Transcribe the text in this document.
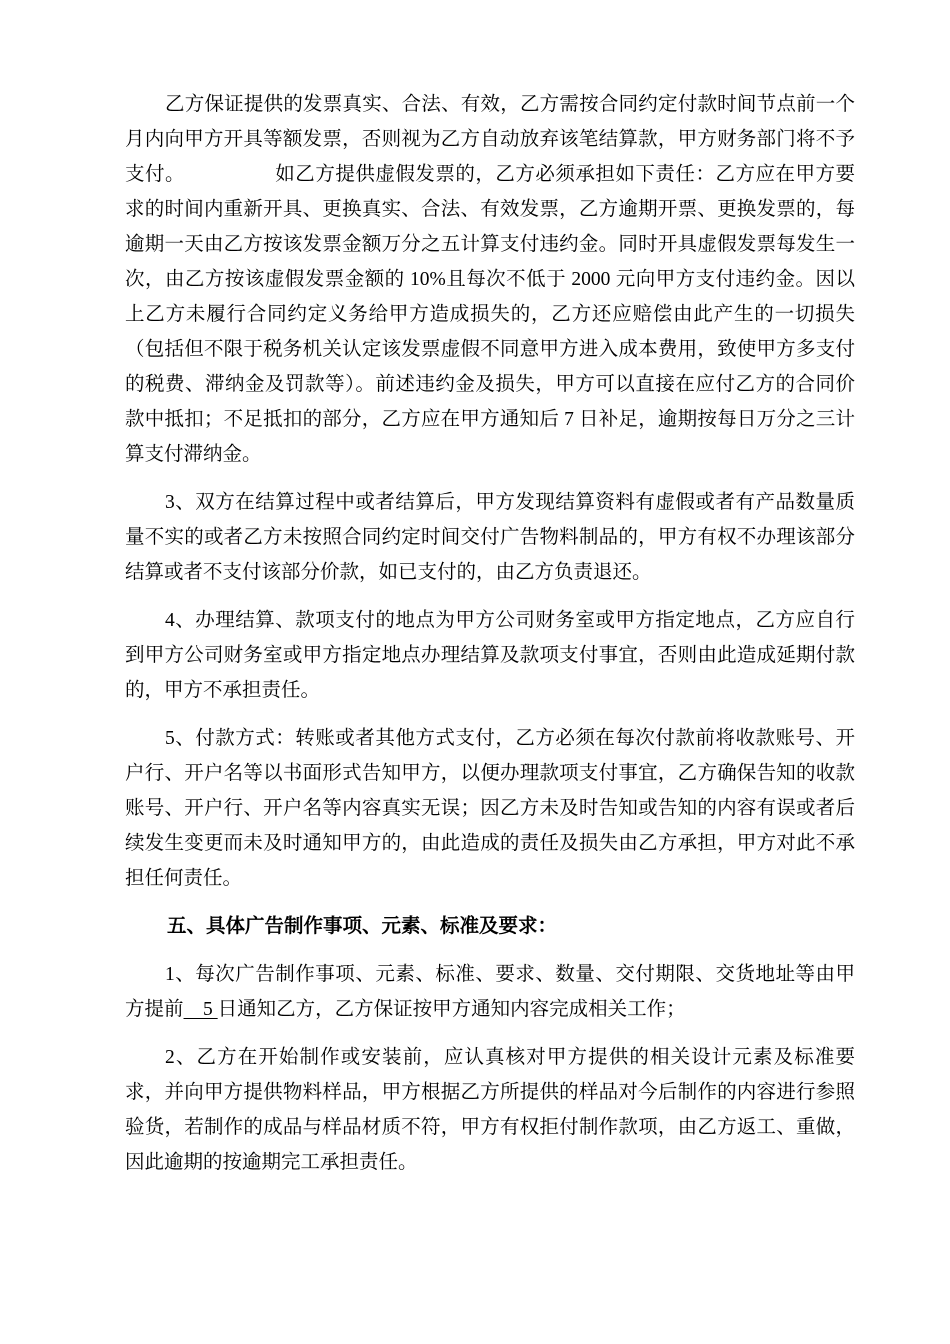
乙方保证提供的发票真实、合法、有效，乙方需按合同约定付款时间节点前一个月内向甲方开具等额发票，否则视为乙方自动放弃该笔结算款，甲方财务部门将不予支付。　　　　　如乙方提供虚假发票的，乙方必须承担如下责任：乙方应在甲方要求的时间内重新开具、更换真实、合法、有效发票，乙方逾期开票、更换发票的，每逾期一天由乙方按该发票金额万分之五计算支付违约金。同时开具虚假发票每发生一次，由乙方按该虚假发票金额的 10%且每次不低于 2000 元向甲方支付违约金。因以上乙方未履行合同约定义务给甲方造成损失的，乙方还应赔偿由此产生的一切损失（包括但不限于税务机关认定该发票虚假不同意甲方进入成本费用，致使甲方多支付的税费、滞纳金及罚款等）。前述违约金及损失，甲方可以直接在应付乙方的合同价款中抵扣；不足抵扣的部分，乙方应在甲方通知后 7 日补足，逾期按每日万分之三计算支付滞纳金。

3、双方在结算过程中或者结算后，甲方发现结算资料有虚假或者有产品数量质量不实的或者乙方未按照合同约定时间交付广告物料制品的，甲方有权不办理该部分结算或者不支付该部分价款，如已支付的，由乙方负责退还。

4、办理结算、款项支付的地点为甲方公司财务室或甲方指定地点，乙方应自行到甲方公司财务室或甲方指定地点办理结算及款项支付事宜，否则由此造成延期付款的，甲方不承担责任。

5、付款方式：转账或者其他方式支付，乙方必须在每次付款前将收款账号、开户行、开户名等以书面形式告知甲方，以便办理款项支付事宜，乙方确保告知的收款账号、开户行、开户名等内容真实无误；因乙方未及时告知或告知的内容有误或者后续发生变更而未及时通知甲方的，由此造成的责任及损失由乙方承担，甲方对此不承担任何责任。

五、具体广告制作事项、元素、标准及要求：

1、每次广告制作事项、元素、标准、要求、数量、交付期限、交货地址等由甲方提前　5 日通知乙方，乙方保证按甲方通知内容完成相关工作；

2、乙方在开始制作或安装前，应认真核对甲方提供的相关设计元素及标准要求，并向甲方提供物料样品，甲方根据乙方所提供的样品对今后制作的内容进行参照验货，若制作的成品与样品材质不符，甲方有权拒付制作款项，由乙方返工、重做，因此逾期的按逾期完工承担责任。
